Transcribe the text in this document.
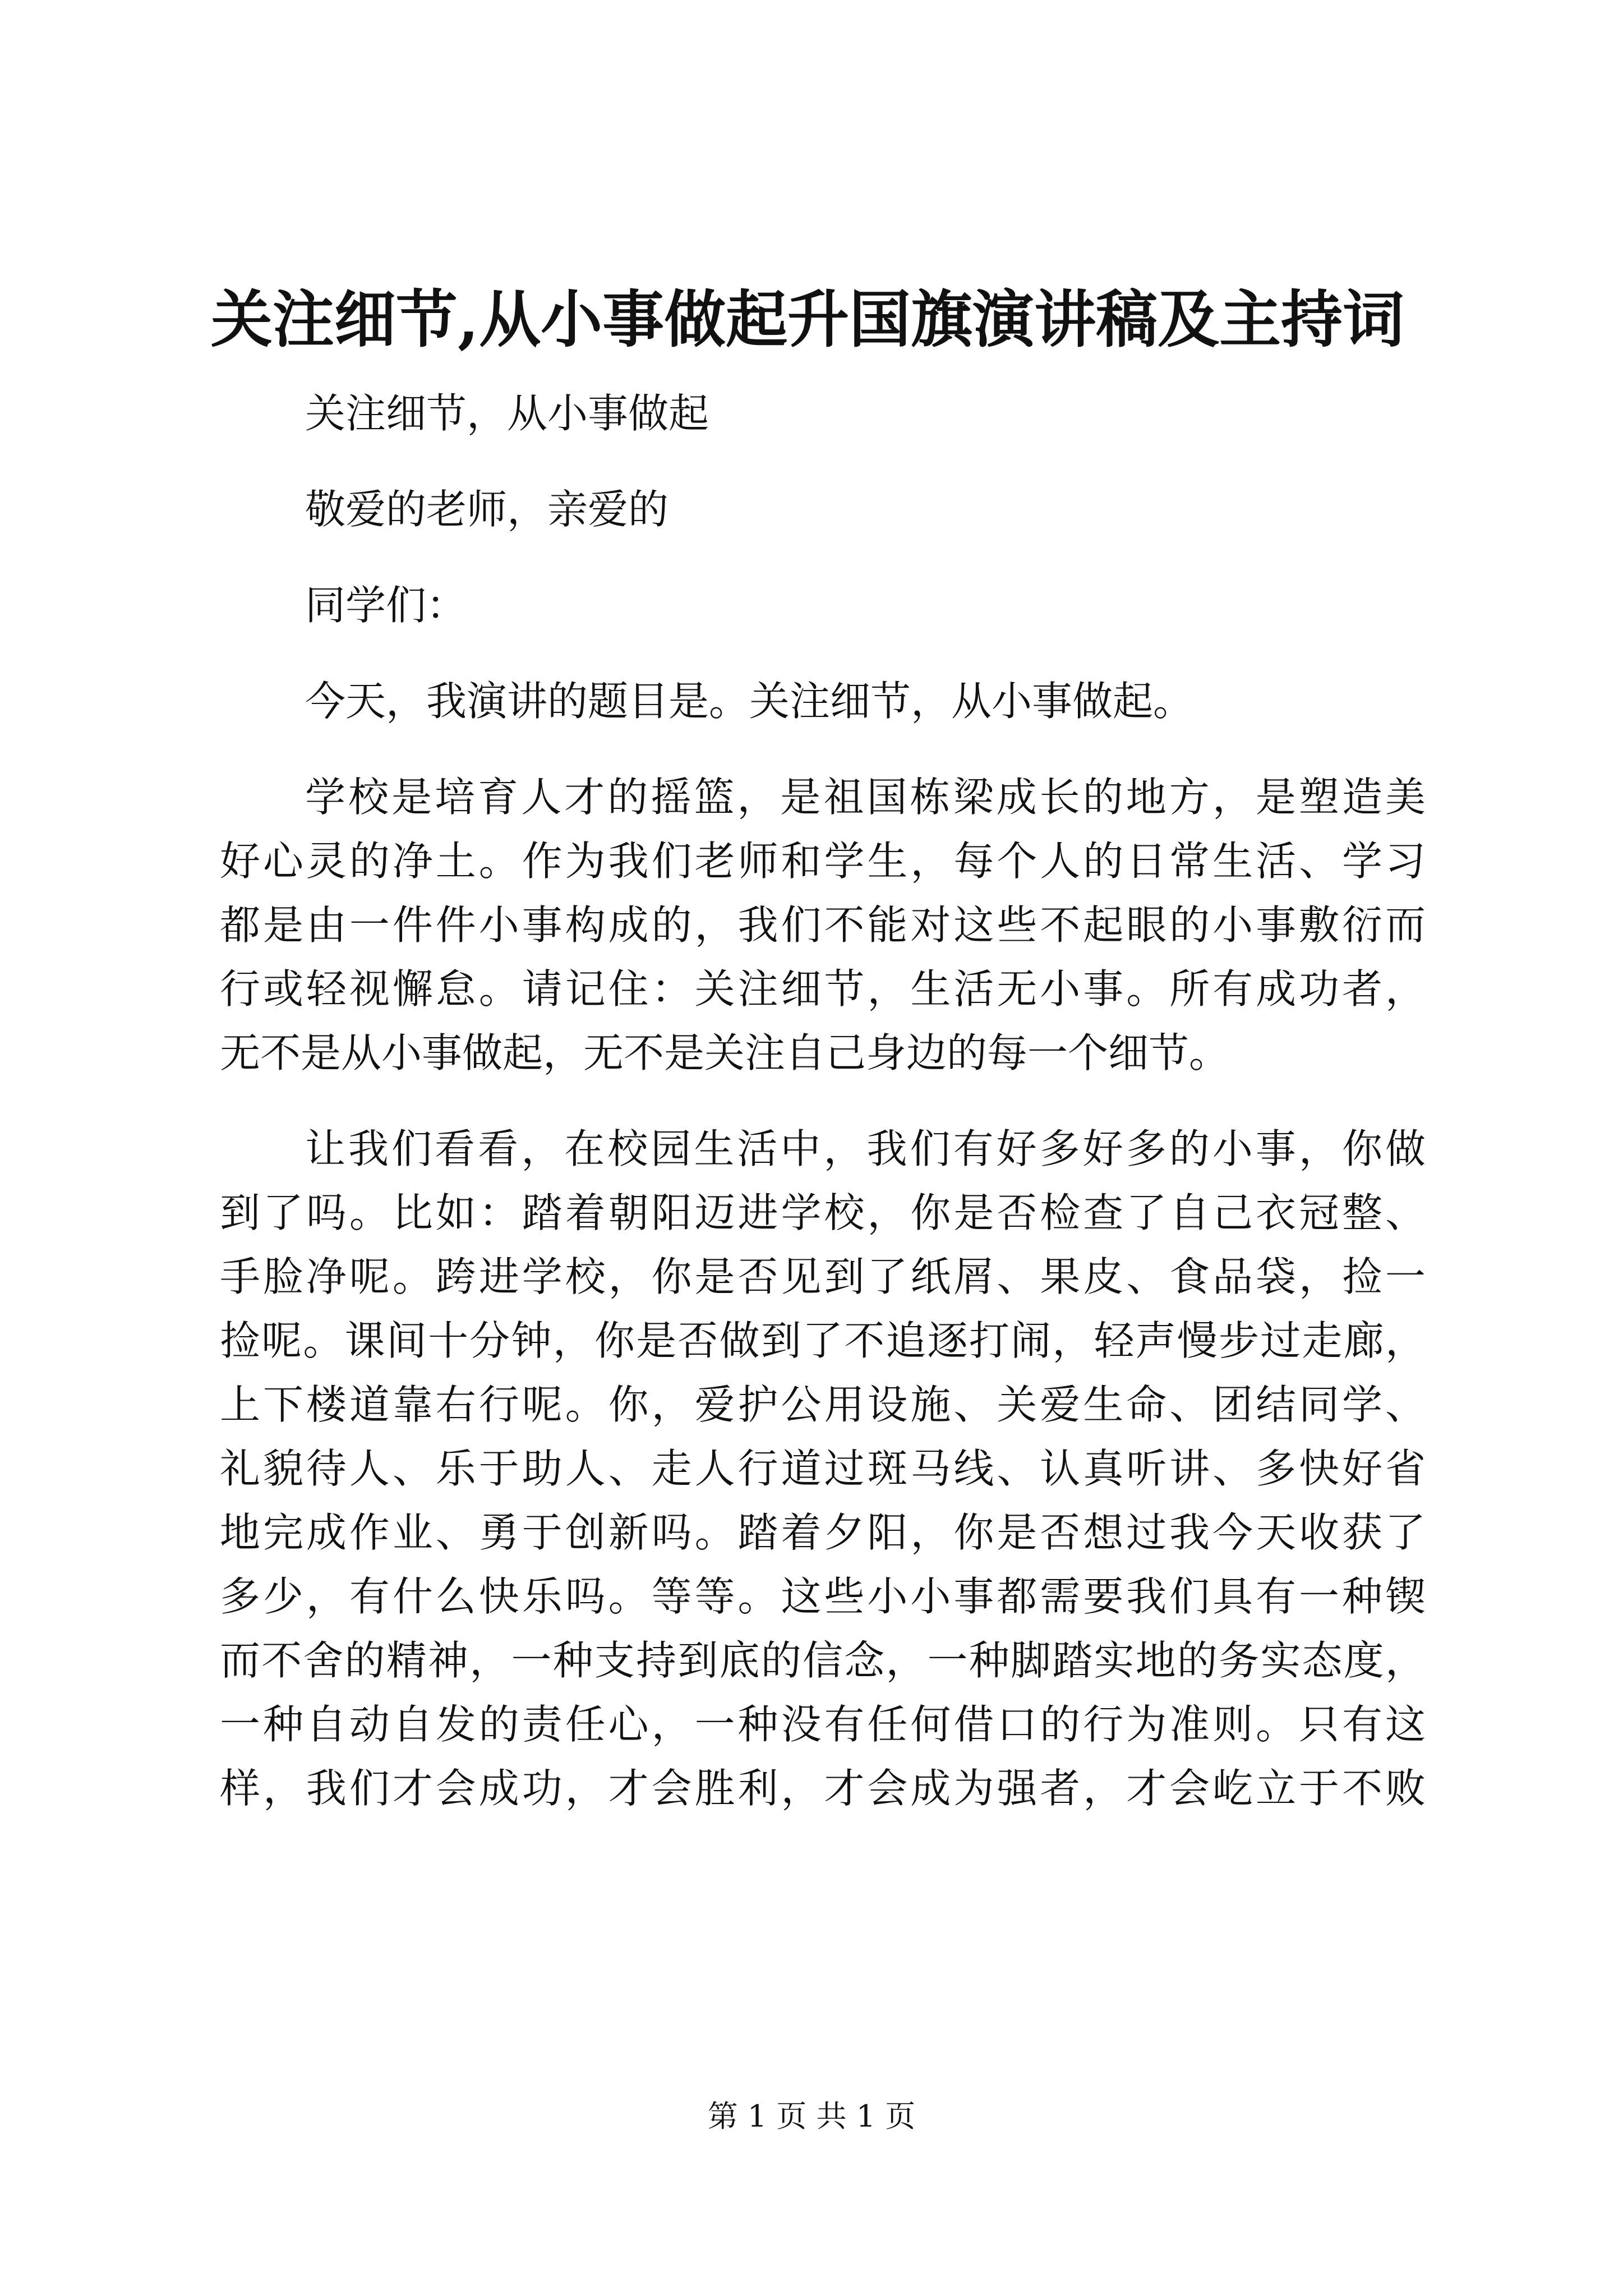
关注细节,从小事做起升国旗演讲稿及主持词
关注细节，从小事做起
敬爱的老师，亲爱的
同学们：
今天，我演讲的题目是。关注细节，从小事做起。
学校是培育人才的摇篮，是祖国栋梁成长的地方，是塑造美
好心灵的净土。作为我们老师和学生，每个人的日常生活、学习
都是由一件件小事构成的，我们不能对这些不起眼的小事敷衍而
行或轻视懈怠。请记住：关注细节，生活无小事。所有成功者，
无不是从小事做起，无不是关注自己身边的每一个细节。
让我们看看，在校园生活中，我们有好多好多的小事，你做
到了吗。比如：踏着朝阳迈进学校，你是否检查了自己衣冠整、
手脸净呢。跨进学校，你是否见到了纸屑、果皮、食品袋，捡一
捡呢。课间十分钟，你是否做到了不追逐打闹，轻声慢步过走廊，
上下楼道靠右行呢。你，爱护公用设施、关爱生命、团结同学、
礼貌待人、乐于助人、走人行道过斑马线、认真听讲、多快好省
地完成作业、勇于创新吗。踏着夕阳，你是否想过我今天收获了
多少，有什么快乐吗。等等。这些小小事都需要我们具有一种锲
而不舍的精神，一种支持到底的信念，一种脚踏实地的务实态度，
一种自动自发的责任心，一种没有任何借口的行为准则。只有这
样，我们才会成功，才会胜利，才会成为强者，才会屹立于不败
第 1 页 共 1 页
